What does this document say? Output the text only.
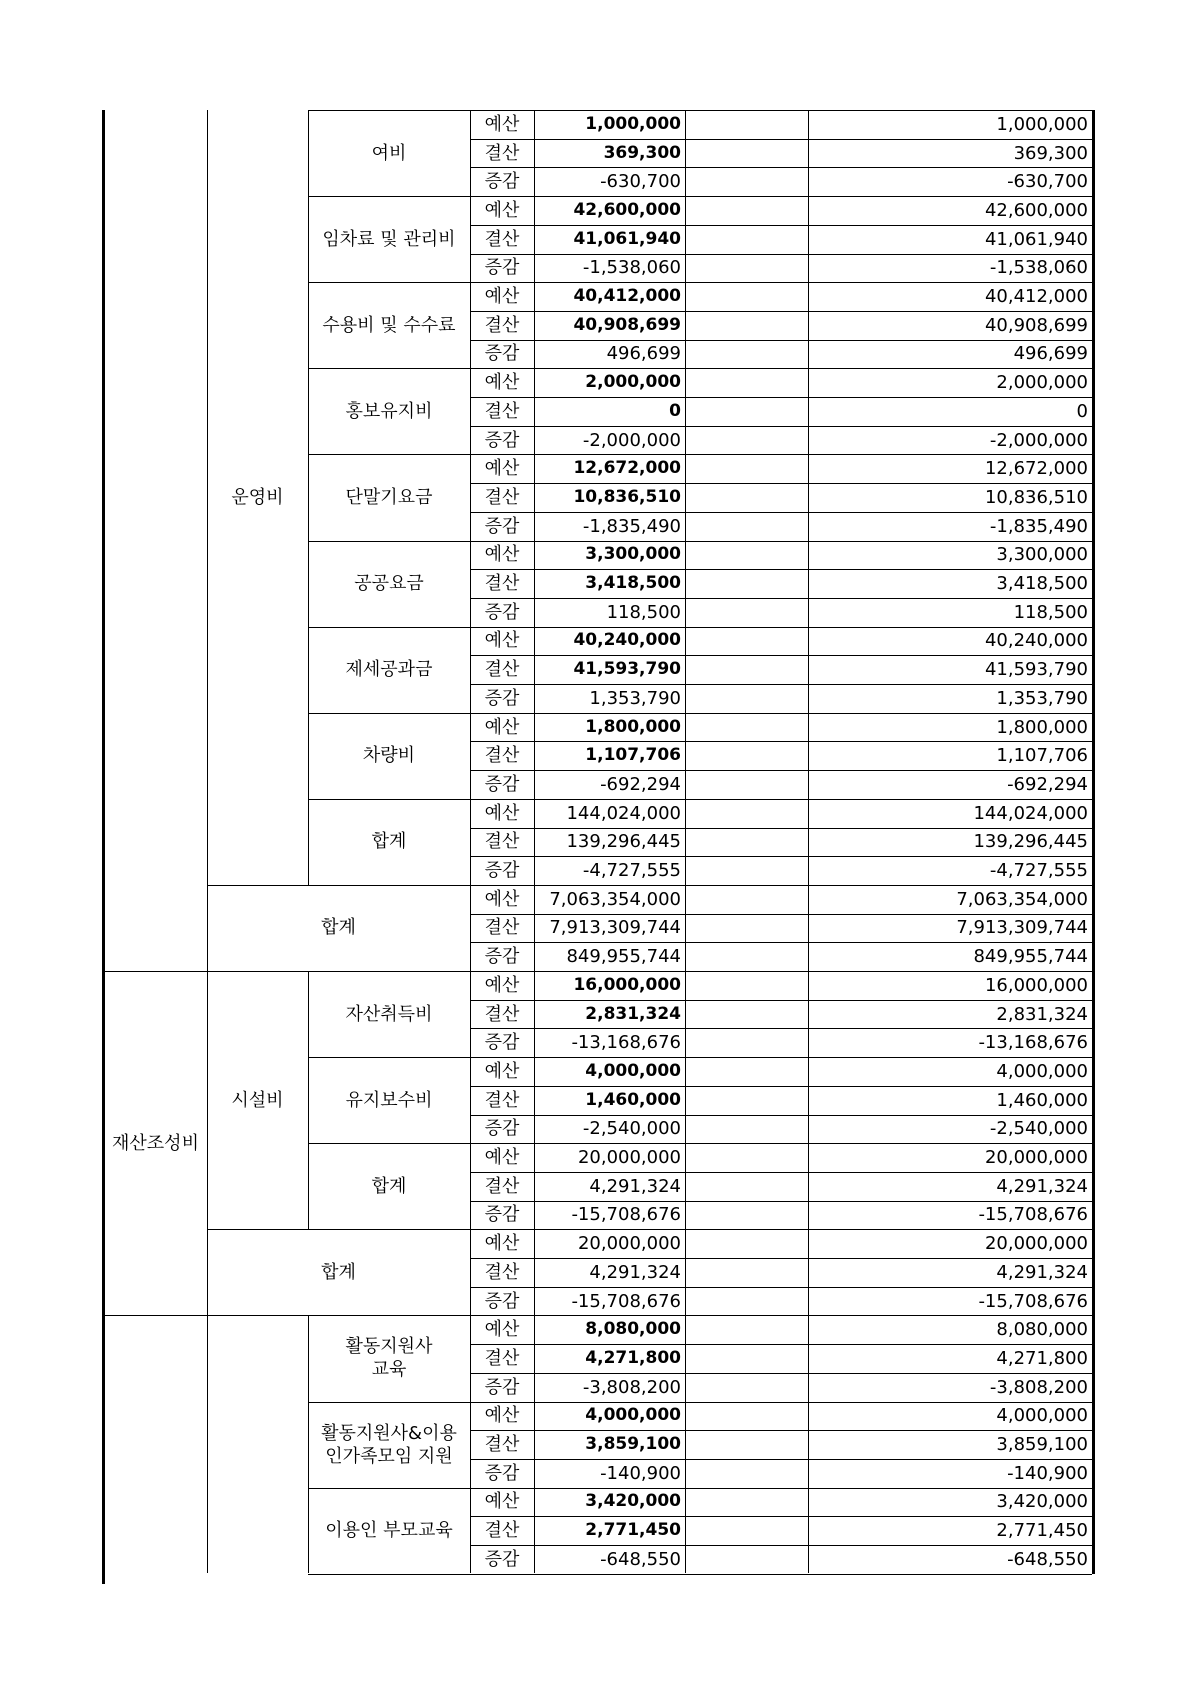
여비
예산	1,000,000	1,000,000
결산	369,300	369,300
증감	-630,700	-630,700
임차료 및 관리비
예산	42,600,000	42,600,000
결산	41,061,940	41,061,940
증감	-1,538,060	-1,538,060
수용비 및 수수료
예산	40,412,000	40,412,000
결산	40,908,699	40,908,699
증감	496,699	496,699
홍보유지비
예산	2,000,000	2,000,000
결산	0	0
증감	-2,000,000	-2,000,000
단말기요금
예산	12,672,000	12,672,000
결산	10,836,510	10,836,510
증감	-1,835,490	-1,835,490
공공요금
예산	3,300,000	3,300,000
결산	3,418,500	3,418,500
증감	118,500	118,500
제세공과금
예산	40,240,000	40,240,000
결산	41,593,790	41,593,790
증감	1,353,790	1,353,790
차량비
예산	1,800,000	1,800,000
결산	1,107,706	1,107,706
증감	-692,294	-692,294
합계
예산	144,024,000	144,024,000
결산	139,296,445	139,296,445
증감	-4,727,555	-4,727,555
합계
예산	7,063,354,000	7,063,354,000
결산	7,913,309,744	7,913,309,744
증감	849,955,744	849,955,744
운영비
자산취득비
예산	16,000,000	16,000,000
결산	2,831,324	2,831,324
증감	-13,168,676	-13,168,676
유지보수비
예산	4,000,000	4,000,000
결산	1,460,000	1,460,000
증감	-2,540,000	-2,540,000
합계
예산	20,000,000	20,000,000
결산	4,291,324	4,291,324
증감	-15,708,676	-15,708,676
합계
예산	20,000,000	20,000,000
결산	4,291,324	4,291,324
증감	-15,708,676	-15,708,676
재산조성비
시설비
활동지원사
교육
예산	8,080,000	8,080,000
결산	4,271,800	4,271,800
증감	-3,808,200	-3,808,200
활동지원사&이용
인가족모임 지원
예산	4,000,000	4,000,000
결산	3,859,100	3,859,100
증감	-140,900	-140,900
이용인 부모교육
예산	3,420,000	3,420,000
결산	2,771,450	2,771,450
증감	-648,550	-648,550
